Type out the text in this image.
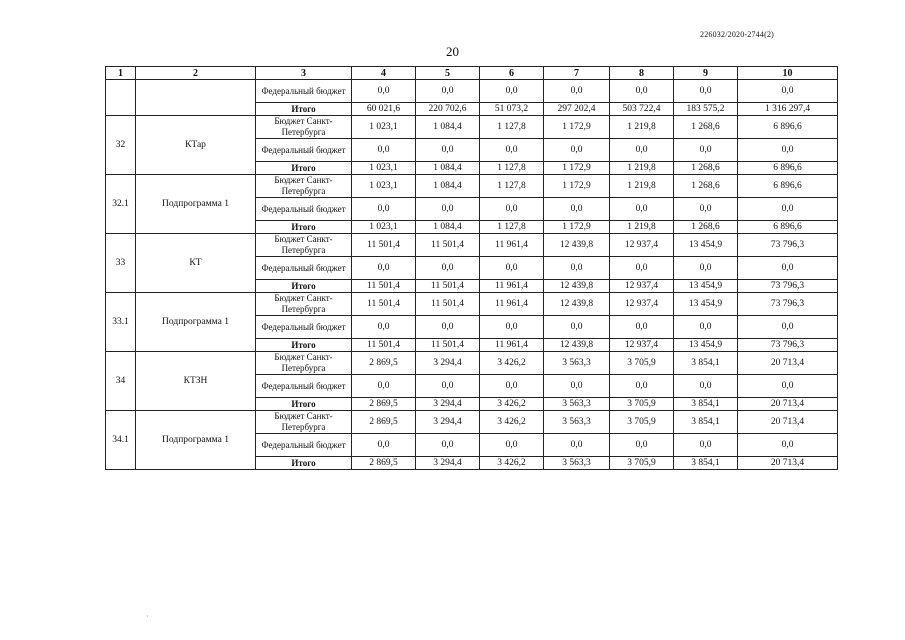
226032/2020-2744(2)
20
1	2	3	4	5	6	7	8	9	10
		Федеральный бюджет	0,0	0,0	0,0	0,0	0,0	0,0	0,0
		Итого	60 021,6	220 702,6	51 073,2	297 202,4	503 722,4	183 575,2	1 316 297,4
32	КТар	Бюджет Санкт-Петербурга	1 023,1	1 084,4	1 127,8	1 172,9	1 219,8	1 268,6	6 896,6
		Федеральный бюджет	0,0	0,0	0,0	0,0	0,0	0,0	0,0
		Итого	1 023,1	1 084,4	1 127,8	1 172,9	1 219,8	1 268,6	6 896,6
32.1	Подпрограмма 1	Бюджет Санкт-Петербурга	1 023,1	1 084,4	1 127,8	1 172,9	1 219,8	1 268,6	6 896,6
		Федеральный бюджет	0,0	0,0	0,0	0,0	0,0	0,0	0,0
		Итого	1 023,1	1 084,4	1 127,8	1 172,9	1 219,8	1 268,6	6 896,6
33	КТ	Бюджет Санкт-Петербурга	11 501,4	11 501,4	11 961,4	12 439,8	12 937,4	13 454,9	73 796,3
		Федеральный бюджет	0,0	0,0	0,0	0,0	0,0	0,0	0,0
		Итого	11 501,4	11 501,4	11 961,4	12 439,8	12 937,4	13 454,9	73 796,3
33.1	Подпрограмма 1	Бюджет Санкт-Петербурга	11 501,4	11 501,4	11 961,4	12 439,8	12 937,4	13 454,9	73 796,3
		Федеральный бюджет	0,0	0,0	0,0	0,0	0,0	0,0	0,0
		Итого	11 501,4	11 501,4	11 961,4	12 439,8	12 937,4	13 454,9	73 796,3
34	КТЗН	Бюджет Санкт-Петербурга	2 869,5	3 294,4	3 426,2	3 563,3	3 705,9	3 854,1	20 713,4
		Федеральный бюджет	0,0	0,0	0,0	0,0	0,0	0,0	0,0
		Итого	2 869,5	3 294,4	3 426,2	3 563,3	3 705,9	3 854,1	20 713,4
34.1	Подпрограмма 1	Бюджет Санкт-Петербурга	2 869,5	3 294,4	3 426,2	3 563,3	3 705,9	3 854,1	20 713,4
		Федеральный бюджет	0,0	0,0	0,0	0,0	0,0	0,0	0,0
		Итого	2 869,5	3 294,4	3 426,2	3 563,3	3 705,9	3 854,1	20 713,4
·
